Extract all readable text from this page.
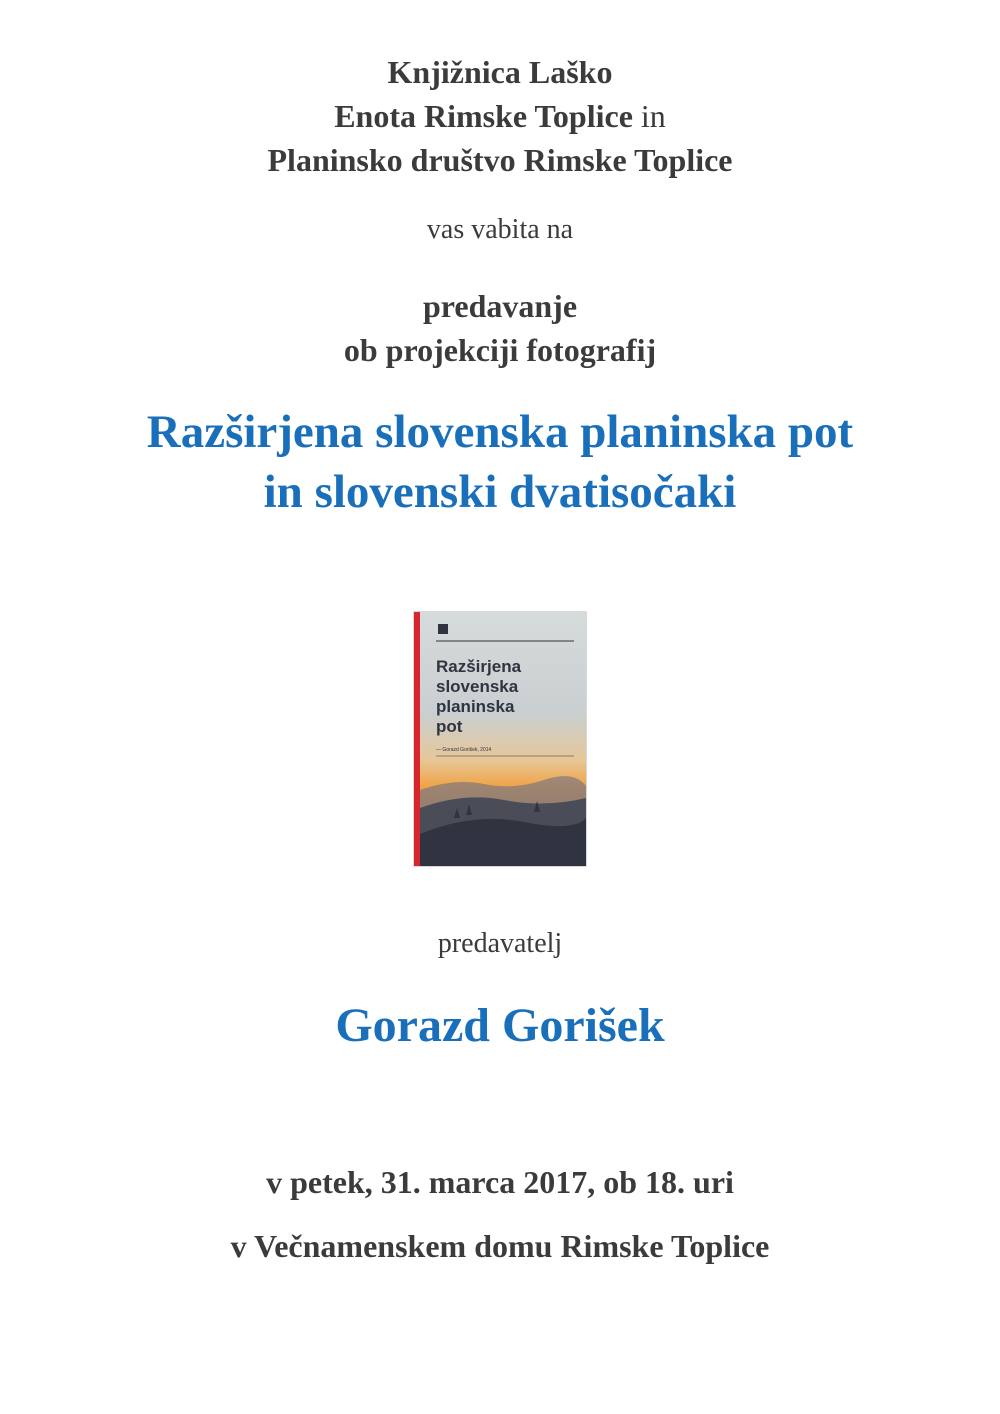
Knjižnica Laško
Enota Rimske Toplice in
Planinsko društvo Rimske Toplice
vas vabita na
predavanje
ob projekciji fotografij
Razširjena slovenska planinska pot
in slovenski dvatisočaki
Razširjena
slovenska
planinska
pot
— Gorazd Gorišek, 2014
predavatelj
Gorazd Gorišek
v petek, 31. marca 2017, ob 18. uri
v Večnamenskem domu Rimske Toplice
